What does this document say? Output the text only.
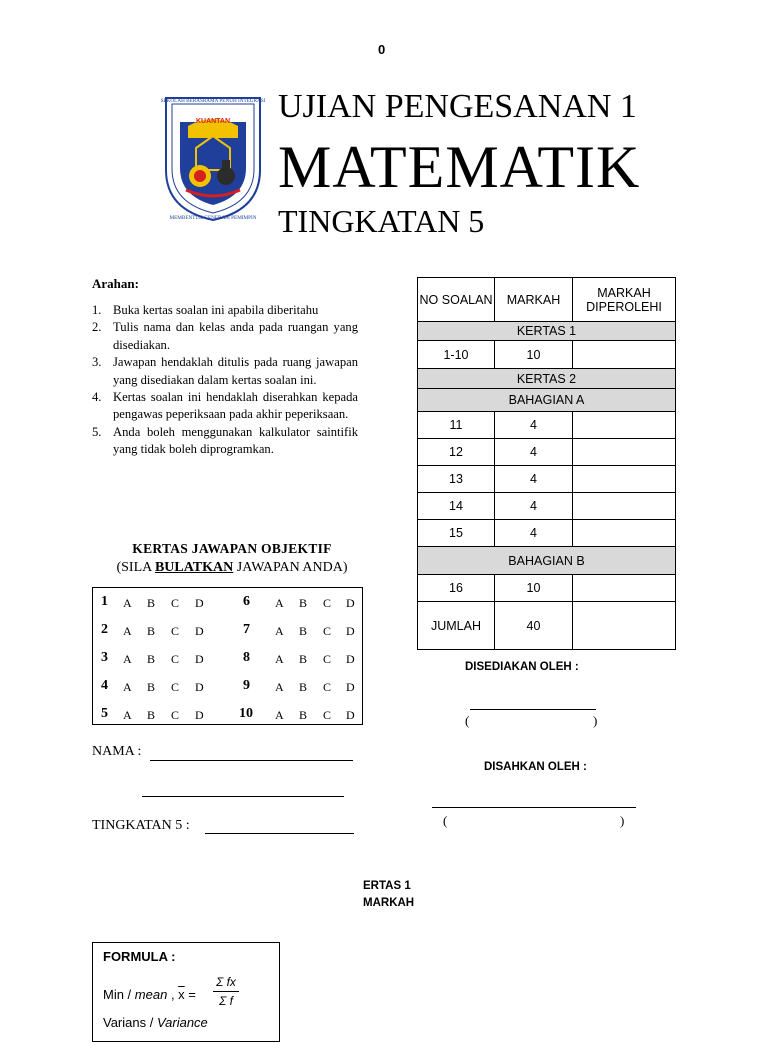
0
KUANTAN
SEKOLAH BERASRAMA PENUH INTEGRASI
MEMBENTUK GENERASI PEMIMPIN
UJIAN PENGESANAN 1
MATEMATIK
TINGKATAN 5
Arahan:
1. Buka kertas soalan ini apabila diberitahu
2. Tulis nama dan kelas anda pada ruangan yang disediakan.
3. Jawapan hendaklah ditulis pada ruang jawapan yang disediakan dalam kertas soalan ini.
4. Kertas soalan ini hendaklah diserahkan kepada pengawas peperiksaan pada akhir peperiksaan.
5. Anda boleh menggunakan kalkulator saintifik yang tidak boleh diprogramkan.
KERTAS JAWAPAN OBJEKTIF
(SILA BULATKAN JAWAPAN ANDA)
1 A B C D	6 A B C D
2 A B C D	7 A B C D
3 A B C D	8 A B C D
4 A B C D	9 A B C D
5 A B C D	10 A B C D
NAMA :
TINGKATAN 5 :
NO SOALAN	MARKAH	MARKAH DIPEROLEHI
KERTAS 1		
1-10	10	
KERTAS 2		
BAHAGIAN A		
11	4	
12	4	
13	4	
14	4	
15	4	
BAHAGIAN B		
16	10	
JUMLAH	40	
DISEDIAKAN OLEH :
(	)
DISAHKAN OLEH :
(	)
ERTAS 1
MARKAH
FORMULA :
Min / mean , $\overline{x}$ =
Σ fx
Σ f
Varians / Variance
